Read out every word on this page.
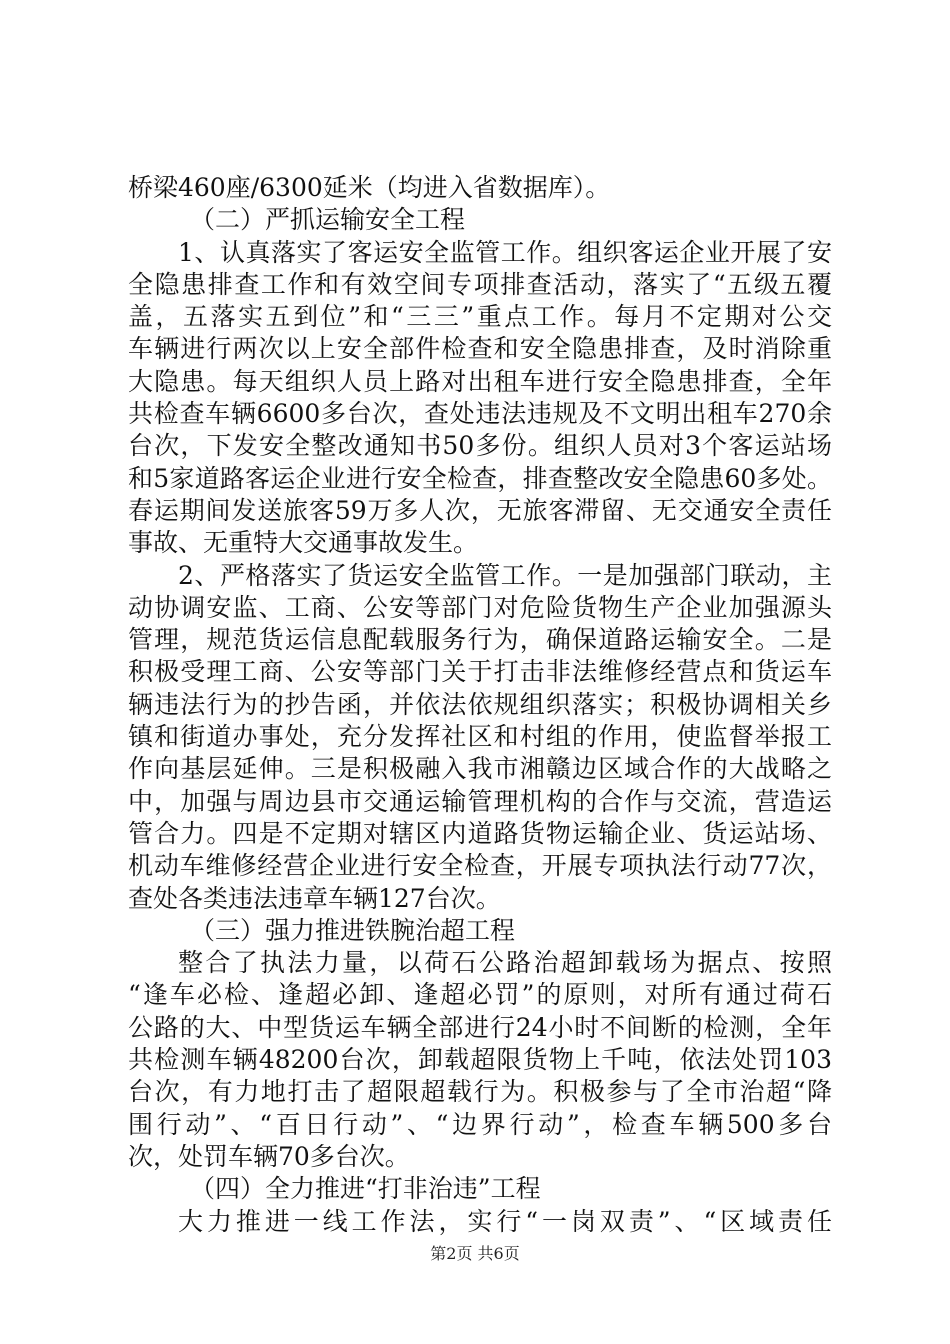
桥梁460座/6300延米（均进入省数据库）。
（二）严抓运输安全工程
1、认真落实了客运安全监管工作。组织客运企业开展了安
全隐患排查工作和有效空间专项排查活动，落实了“五级五覆
盖，五落实五到位”和“三三”重点工作。每月不定期对公交
车辆进行两次以上安全部件检查和安全隐患排查，及时消除重
大隐患。每天组织人员上路对出租车进行安全隐患排查，全年
共检查车辆6600多台次，查处违法违规及不文明出租车270余
台次，下发安全整改通知书50多份。组织人员对3个客运站场
和5家道路客运企业进行安全检查，排查整改安全隐患60多处。
春运期间发送旅客59万多人次，无旅客滞留、无交通安全责任
事故、无重特大交通事故发生。
2、严格落实了货运安全监管工作。一是加强部门联动，主
动协调安监、工商、公安等部门对危险货物生产企业加强源头
管理，规范货运信息配载服务行为，确保道路运输安全。二是
积极受理工商、公安等部门关于打击非法维修经营点和货运车
辆违法行为的抄告函，并依法依规组织落实；积极协调相关乡
镇和街道办事处，充分发挥社区和村组的作用，使监督举报工
作向基层延伸。三是积极融入我市湘赣边区域合作的大战略之
中，加强与周边县市交通运输管理机构的合作与交流，营造运
管合力。四是不定期对辖区内道路货物运输企业、货运站场、
机动车维修经营企业进行安全检查，开展专项执法行动77次，
查处各类违法违章车辆127台次。
（三）强力推进铁腕治超工程
整合了执法力量，以荷石公路治超卸载场为据点、按照
“逢车必检、逢超必卸、逢超必罚”的原则，对所有通过荷石
公路的大、中型货运车辆全部进行24小时不间断的检测，全年
共检测车辆48200台次，卸载超限货物上千吨，依法处罚103
台次，有力地打击了超限超载行为。积极参与了全市治超“降
围行动”、“百日行动”、“边界行动”，检查车辆500多台
次，处罚车辆70多台次。
（四）全力推进“打非治违”工程
大力推进一线工作法，实行“一岗双责”、“区域责任
第2页 共6页
